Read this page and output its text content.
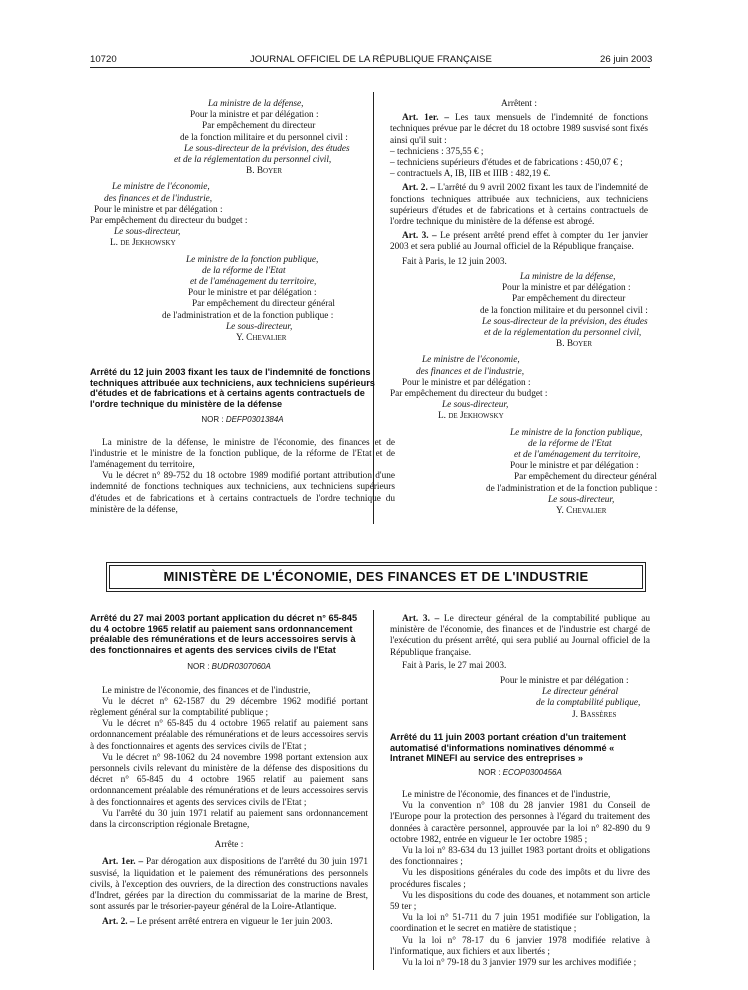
10720	JOURNAL OFFICIEL DE LA RÉPUBLIQUE FRANÇAISE	26 juin 2003
La ministre de la défense,
Pour la ministre et par délégation :
Par empêchement du directeur
de la fonction militaire et du personnel civil :
Le sous-directeur de la prévision, des études
et de la réglementation du personnel civil,
B. Boyer
Le ministre de l'économie,
des finances et de l'industrie,
Pour le ministre et par délégation :
Par empêchement du directeur du budget :
Le sous-directeur,
L. de Jekhowsky
Le ministre de la fonction publique,
de la réforme de l'Etat
et de l'aménagement du territoire,
Pour le ministre et par délégation :
Par empêchement du directeur général
de l'administration et de la fonction publique :
Le sous-directeur,
Y. Chevalier
Arrêté du 12 juin 2003 fixant les taux de l'indemnité de fonctions techniques attribuée aux techniciens, aux techniciens supérieurs d'études et de fabrications et à certains agents contractuels de l'ordre technique du ministère de la défense
NOR : DEFP0301384A

La ministre de la défense, le ministre de l'économie, des finances et de l'industrie et le ministre de la fonction publique, de la réforme de l'Etat et de l'aménagement du territoire,

Vu le décret n° 89-752 du 18 octobre 1989 modifié portant attribution d'une indemnité de fonctions techniques aux techniciens, aux techniciens supérieurs d'études et de fabrications et à certains contractuels de l'ordre technique du ministère de la défense,

Arrêtent :

Art. 1er. – Les taux mensuels de l'indemnité de fonctions techniques prévue par le décret du 18 octobre 1989 susvisé sont fixés ainsi qu'il suit :

– techniciens : 375,55 € ;

– techniciens supérieurs d'études et de fabrications : 450,07 € ;

– contractuels A, IB, IIB et IIIB : 482,19 €.

Art. 2. – L'arrêté du 9 avril 2002 fixant les taux de l'indemnité de fonctions techniques attribuée aux techniciens, aux techniciens supérieurs d'études et de fabrications et à certains contractuels de l'ordre technique du ministère de la défense est abrogé.

Art. 3. – Le présent arrêté prend effet à compter du 1er janvier 2003 et sera publié au Journal officiel de la République française.

Fait à Paris, le 12 juin 2003.

La ministre de la défense,
Pour la ministre et par délégation :
Par empêchement du directeur
de la fonction militaire et du personnel civil :
Le sous-directeur de la prévision, des études
et de la réglementation du personnel civil,
B. Boyer
Le ministre de l'économie,
des finances et de l'industrie,
Pour le ministre et par délégation :
Par empêchement du directeur du budget :
Le sous-directeur,
L. de Jekhowsky
Le ministre de la fonction publique,
de la réforme de l'Etat
et de l'aménagement du territoire,
Pour le ministre et par délégation :
Par empêchement du directeur général
de l'administration et de la fonction publique :
Le sous-directeur,
Y. Chevalier
MINISTÈRE DE L'ÉCONOMIE, DES FINANCES ET DE L'INDUSTRIE
Arrêté du 27 mai 2003 portant application du décret n° 65-845 du 4 octobre 1965 relatif au paiement sans ordonnancement préalable des rémunérations et de leurs accessoires servis à des fonctionnaires et agents des services civils de l'Etat
NOR : BUDR0307060A

Le ministre de l'économie, des finances et de l'industrie,

Vu le décret n° 62-1587 du 29 décembre 1962 modifié portant règlement général sur la comptabilité publique ;

Vu le décret n° 65-845 du 4 octobre 1965 relatif au paiement sans ordonnancement préalable des rémunérations et de leurs accessoires servis à des fonctionnaires et agents des services civils de l'Etat ;

Vu le décret n° 98-1062 du 24 novembre 1998 portant extension aux personnels civils relevant du ministère de la défense des dispositions du décret n° 65-845 du 4 octobre 1965 relatif au paiement sans ordonnancement préalable des rémunérations et de leurs accessoires servis à des fonctionnaires et agents des services civils de l'Etat ;

Vu l'arrêté du 30 juin 1971 relatif au paiement sans ordonnancement dans la circonscription régionale Bretagne,

Arrête :

Art. 1er. – Par dérogation aux dispositions de l'arrêté du 30 juin 1971 susvisé, la liquidation et le paiement des rémunérations des personnels civils, à l'exception des ouvriers, de la direction des constructions navales d'Indret, gérées par la direction du commissariat de la marine de Brest, sont assurés par le trésorier-payeur général de la Loire-Atlantique.

Art. 2. – Le présent arrêté entrera en vigueur le 1er juin 2003.

Art. 3. – Le directeur général de la comptabilité publique au ministère de l'économie, des finances et de l'industrie est chargé de l'exécution du présent arrêté, qui sera publié au Journal officiel de la République française.

Fait à Paris, le 27 mai 2003.

Pour le ministre et par délégation :
Le directeur général
de la comptabilité publique,
J. Bassères
Arrêté du 11 juin 2003 portant création d'un traitement automatisé d'informations nominatives dénommé « Intranet MINEFI au service des entreprises »
NOR : ECOP0300456A

Le ministre de l'économie, des finances et de l'industrie,

Vu la convention n° 108 du 28 janvier 1981 du Conseil de l'Europe pour la protection des personnes à l'égard du traitement des données à caractère personnel, approuvée par la loi n° 82-890 du 9 octobre 1982, entrée en vigueur le 1er octobre 1985 ;

Vu la loi n° 83-634 du 13 juillet 1983 portant droits et obligations des fonctionnaires ;

Vu les dispositions générales du code des impôts et du livre des procédures fiscales ;

Vu les dispositions du code des douanes, et notamment son article 59 ter ;

Vu la loi n° 51-711 du 7 juin 1951 modifiée sur l'obligation, la coordination et le secret en matière de statistique ;

Vu la loi n° 78-17 du 6 janvier 1978 modifiée relative à l'informatique, aux fichiers et aux libertés ;

Vu la loi n° 79-18 du 3 janvier 1979 sur les archives modifiée ;
